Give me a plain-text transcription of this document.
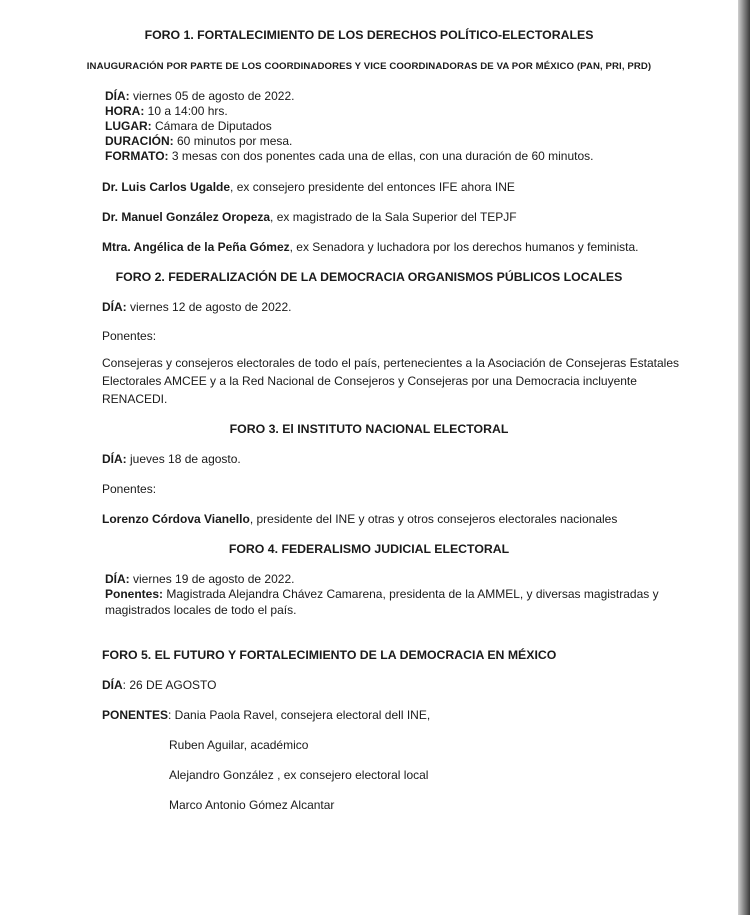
FORO 1. FORTALECIMIENTO DE LOS DERECHOS POLÍTICO-ELECTORALES
INAUGURACIÓN POR PARTE DE LOS COORDINADORES Y VICE COORDINADORAS DE VA POR MÉXICO (PAN, PRI, PRD)
DÍA: viernes 05 de agosto de 2022.
HORA: 10 a 14:00 hrs.
LUGAR: Cámara de Diputados
DURACIÓN: 60 minutos por mesa.
FORMATO: 3 mesas con dos ponentes cada una de ellas, con una duración de 60 minutos.
Dr. Luis Carlos Ugalde, ex consejero presidente del entonces IFE ahora INE
Dr. Manuel González Oropeza, ex magistrado de la Sala Superior del TEPJF
Mtra. Angélica de la Peña Gómez, ex Senadora y luchadora por los derechos humanos y feminista.
FORO 2. FEDERALIZACIÓN DE LA DEMOCRACIA ORGANISMOS PÚBLICOS LOCALES
DÍA: viernes 12 de agosto de 2022.
Ponentes:
Consejeras y consejeros electorales de todo el país, pertenecientes a la Asociación de Consejeras Estatales
Electorales AMCEE y a la Red Nacional de Consejeros y Consejeras por una Democracia incluyente
RENACEDI.
FORO 3. El INSTITUTO NACIONAL ELECTORAL
DÍA: jueves 18 de agosto.
Ponentes:
Lorenzo Córdova Vianello, presidente del INE y otras y otros consejeros electorales nacionales
FORO 4. FEDERALISMO JUDICIAL ELECTORAL
DÍA: viernes 19 de agosto de 2022.
Ponentes: Magistrada Alejandra Chávez Camarena, presidenta de la AMMEL, y diversas magistradas y
magistrados locales de todo el país.
FORO 5. EL FUTURO Y FORTALECIMIENTO DE LA DEMOCRACIA EN MÉXICO
DÍA: 26 DE AGOSTO
PONENTES: Dania Paola Ravel, consejera electoral dell INE,
Ruben Aguilar, académico
Alejandro González , ex consejero electoral local
Marco Antonio Gómez Alcantar
